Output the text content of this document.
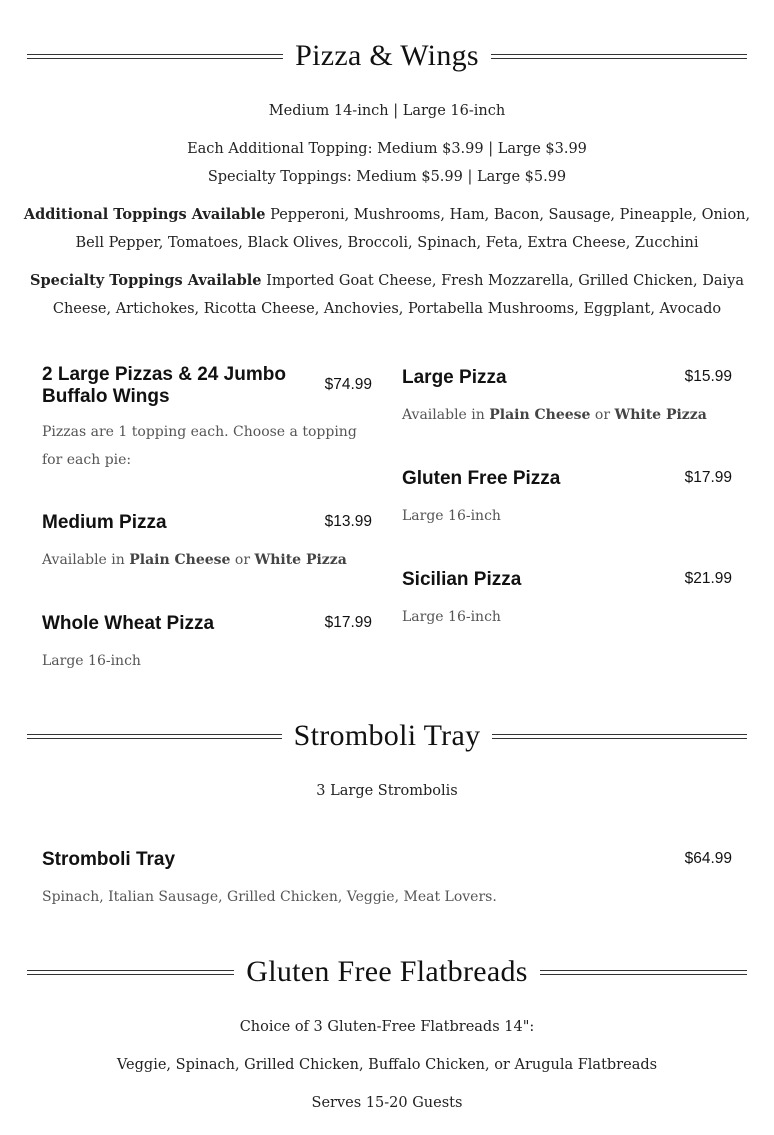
Pizza & Wings
Medium 14-inch | Large 16-inch
Each Additional Topping: Medium $3.99 | Large $3.99
Specialty Toppings: Medium $5.99 | Large $5.99
Additional Toppings Available Pepperoni, Mushrooms, Ham, Bacon, Sausage, Pineapple, Onion, Bell Pepper, Tomatoes, Black Olives, Broccoli, Spinach, Feta, Extra Cheese, Zucchini
Specialty Toppings Available Imported Goat Cheese, Fresh Mozzarella, Grilled Chicken, Daiya Cheese, Artichokes, Ricotta Cheese, Anchovies, Portabella Mushrooms, Eggplant, Avocado
$74.99
2 Large Pizzas & 24 Jumbo Buffalo Wings
Pizzas are 1 topping each. Choose a topping for each pie:
$13.99
Medium Pizza
Available in Plain Cheese or White Pizza
$17.99
Whole Wheat Pizza
Large 16-inch
$15.99
Large Pizza
Available in Plain Cheese or White Pizza
$17.99
Gluten Free Pizza
Large 16-inch
$21.99
Sicilian Pizza
Large 16-inch
Stromboli Tray
3 Large Strombolis
$64.99
Stromboli Tray
Spinach, Italian Sausage, Grilled Chicken, Veggie, Meat Lovers.
Gluten Free Flatbreads
Choice of 3 Gluten-Free Flatbreads 14":
Veggie, Spinach, Grilled Chicken, Buffalo Chicken, or Arugula Flatbreads
Serves 15-20 Guests
